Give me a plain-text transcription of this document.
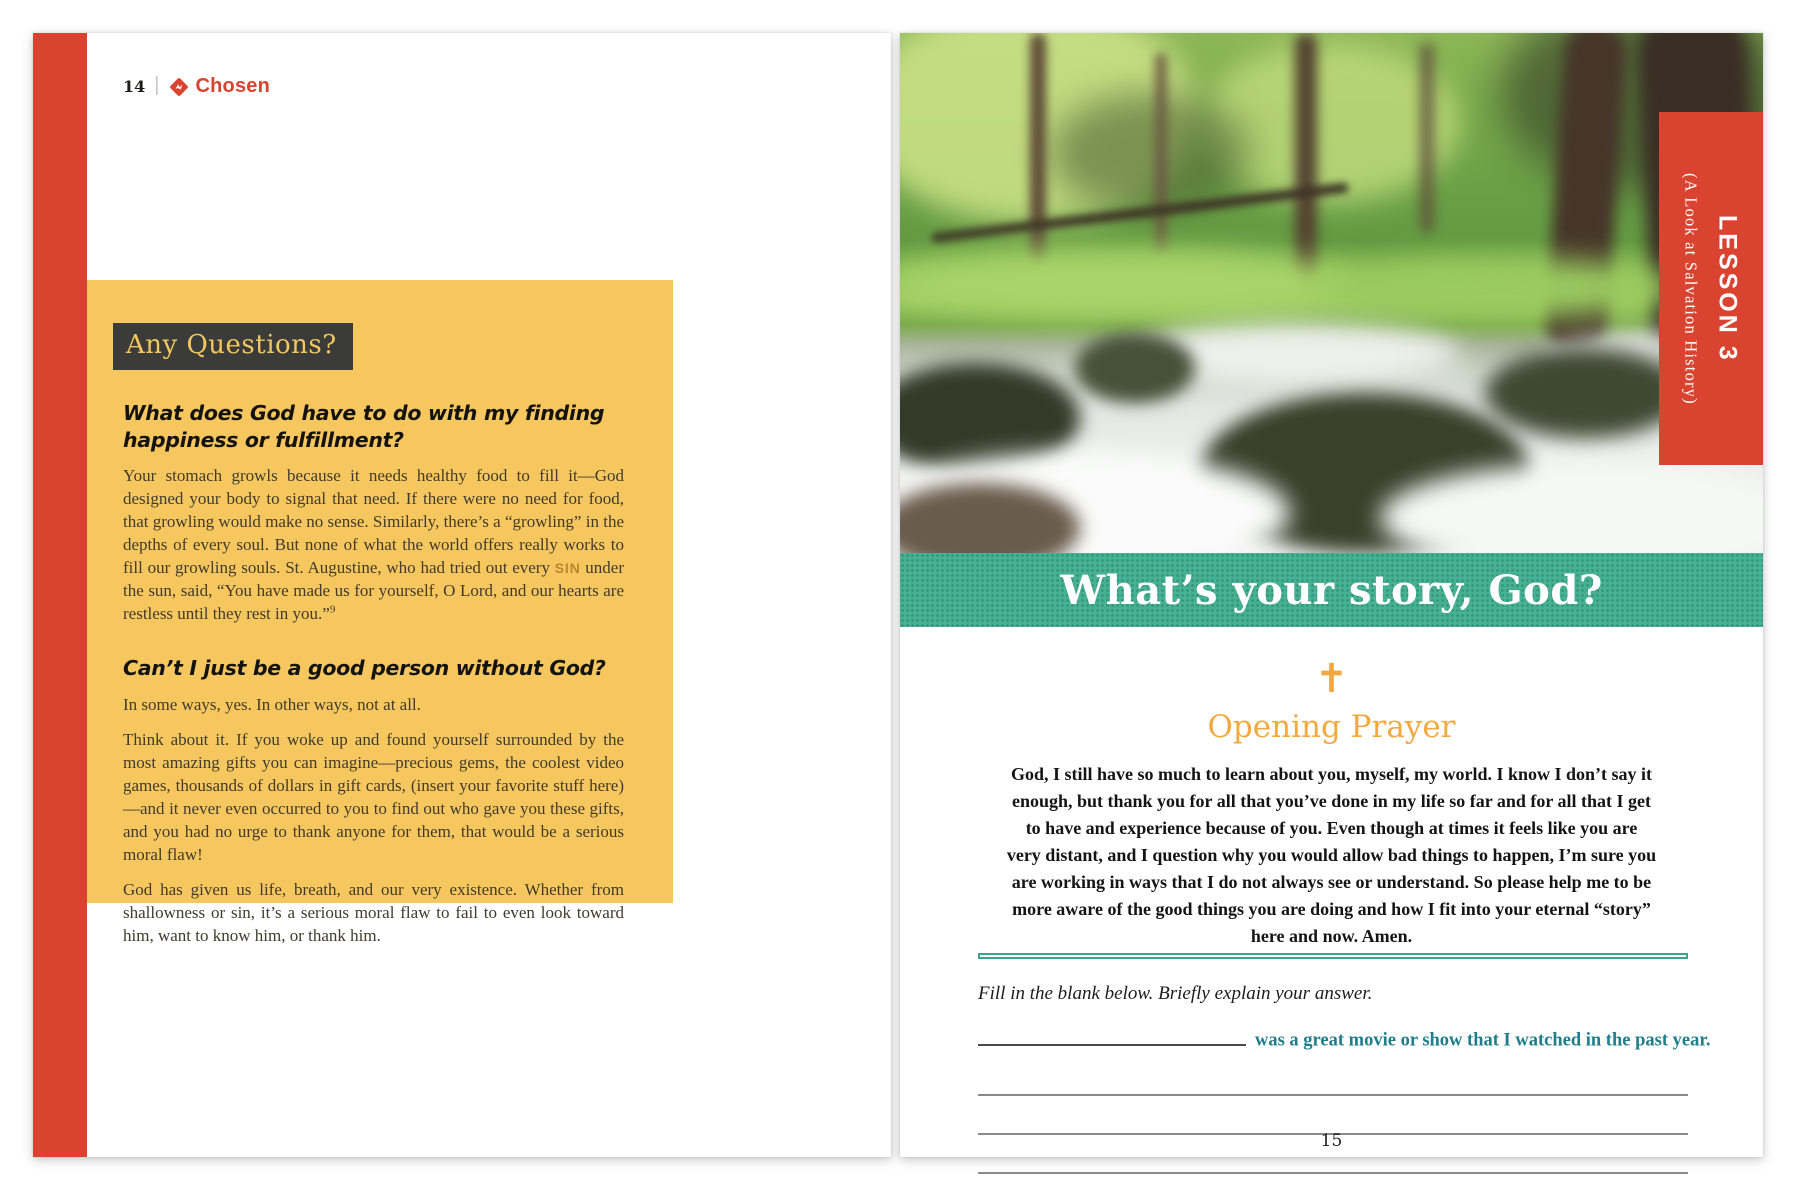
14 | Chosen
Any Questions?
What does God have to do with my finding happiness or fulfillment?

Your stomach growls because it needs healthy food to fill it—God designed your body to signal that need. If there were no need for food, that growling would make no sense. Similarly, there’s a “growling” in the depths of every soul. But none of what the world offers really works to fill our growling souls. St. Augustine, who had tried out every SIN under the sun, said, “You have made us for yourself, O Lord, and our hearts are restless until they rest in you.”$^9$

Can’t I just be a good person without God?

In some ways, yes. In other ways, not at all.

Think about it. If you woke up and found yourself surrounded by the most amazing gifts you can imagine—precious gems, the coolest video games, thousands of dollars in gift cards, (insert your favorite stuff here)—and it never even occurred to you to find out who gave you these gifts, and you had no urge to thank anyone for them, that would be a serious moral flaw!

God has given us life, breath, and our very existence. Whether from shallowness or sin, it’s a serious moral flaw to fail to even look toward him, want to know him, or thank him.

LESSON 3
(A Look at Salvation History)
What’s your story, God?
✝
Opening Prayer
God, I still have so much to learn about you, myself, my world. I know I don’t say it enough, but thank you for all that you’ve done in my life so far and for all that I get to have and experience because of you. Even though at times it feels like you are very distant, and I question why you would allow bad things to happen, I’m sure you are working in ways that I do not always see or understand. So please help me to be more aware of the good things you are doing and how I fit into your eternal “story” here and now. Amen.
Fill in the blank below. Briefly explain your answer.
was a great movie or show that I watched in the past year.
15
